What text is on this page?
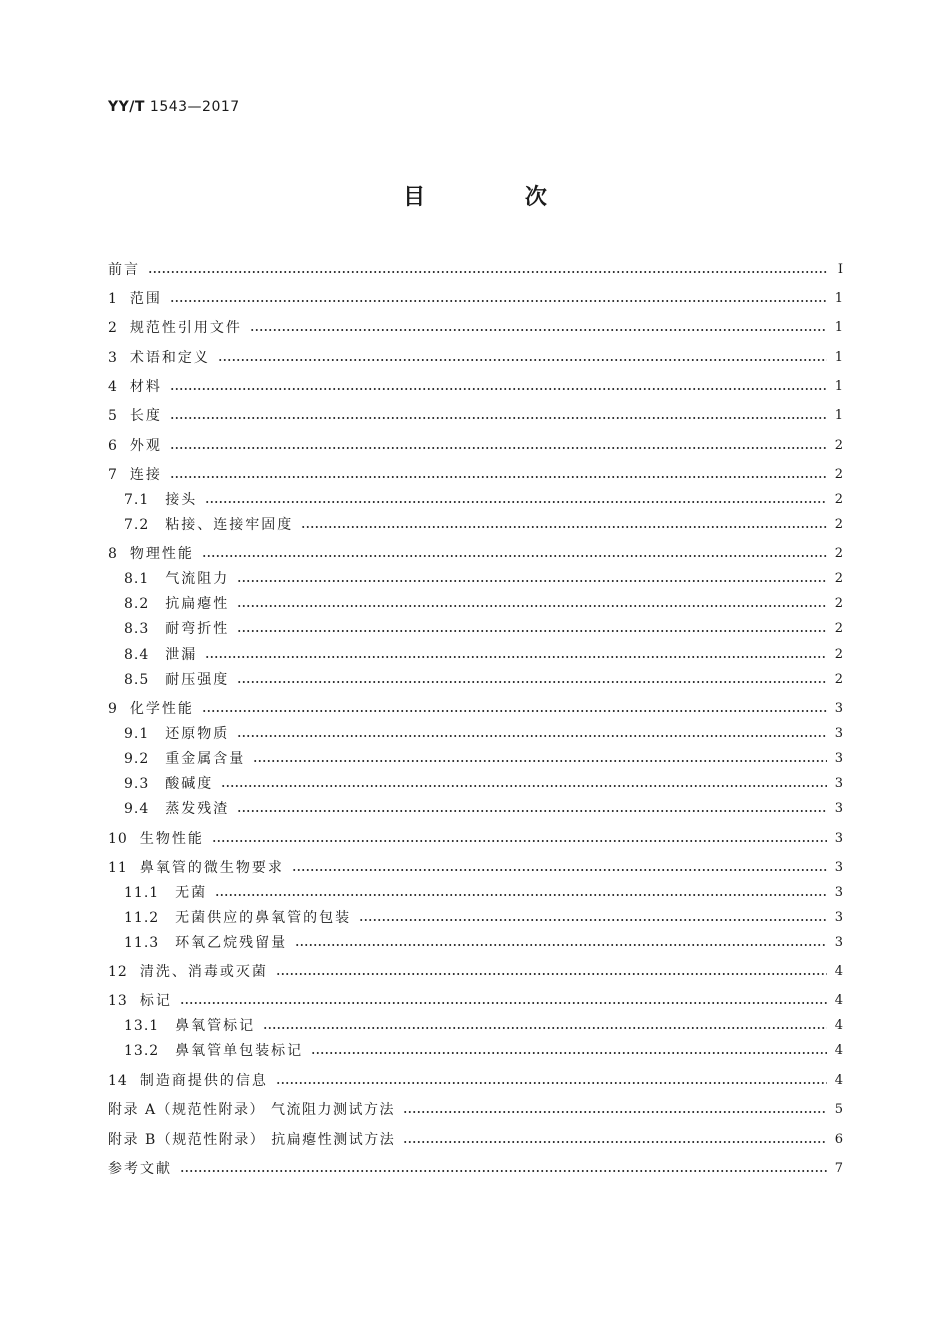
YY/T 1543—2017
目 次
前言	Ⅰ
1 范围	1
2 规范性引用文件	1
3 术语和定义	1
4 材料	1
5 长度	1
6 外观	2
7 连接	2
7.1 接头	2
7.2 粘接、连接牢固度	2
8 物理性能	2
8.1 气流阻力	2
8.2 抗扁瘪性	2
8.3 耐弯折性	2
8.4 泄漏	2
8.5 耐压强度	2
9 化学性能	3
9.1 还原物质	3
9.2 重金属含量	3
9.3 酸碱度	3
9.4 蒸发残渣	3
10 生物性能	3
11 鼻氧管的微生物要求	3
11.1 无菌	3
11.2 无菌供应的鼻氧管的包装	3
11.3 环氧乙烷残留量	3
12 清洗、消毒或灭菌	4
13 标记	4
13.1 鼻氧管标记	4
13.2 鼻氧管单包装标记	4
14 制造商提供的信息	4
附录 A（规范性附录） 气流阻力测试方法	5
附录 B（规范性附录） 抗扁瘪性测试方法	6
参考文献	7
